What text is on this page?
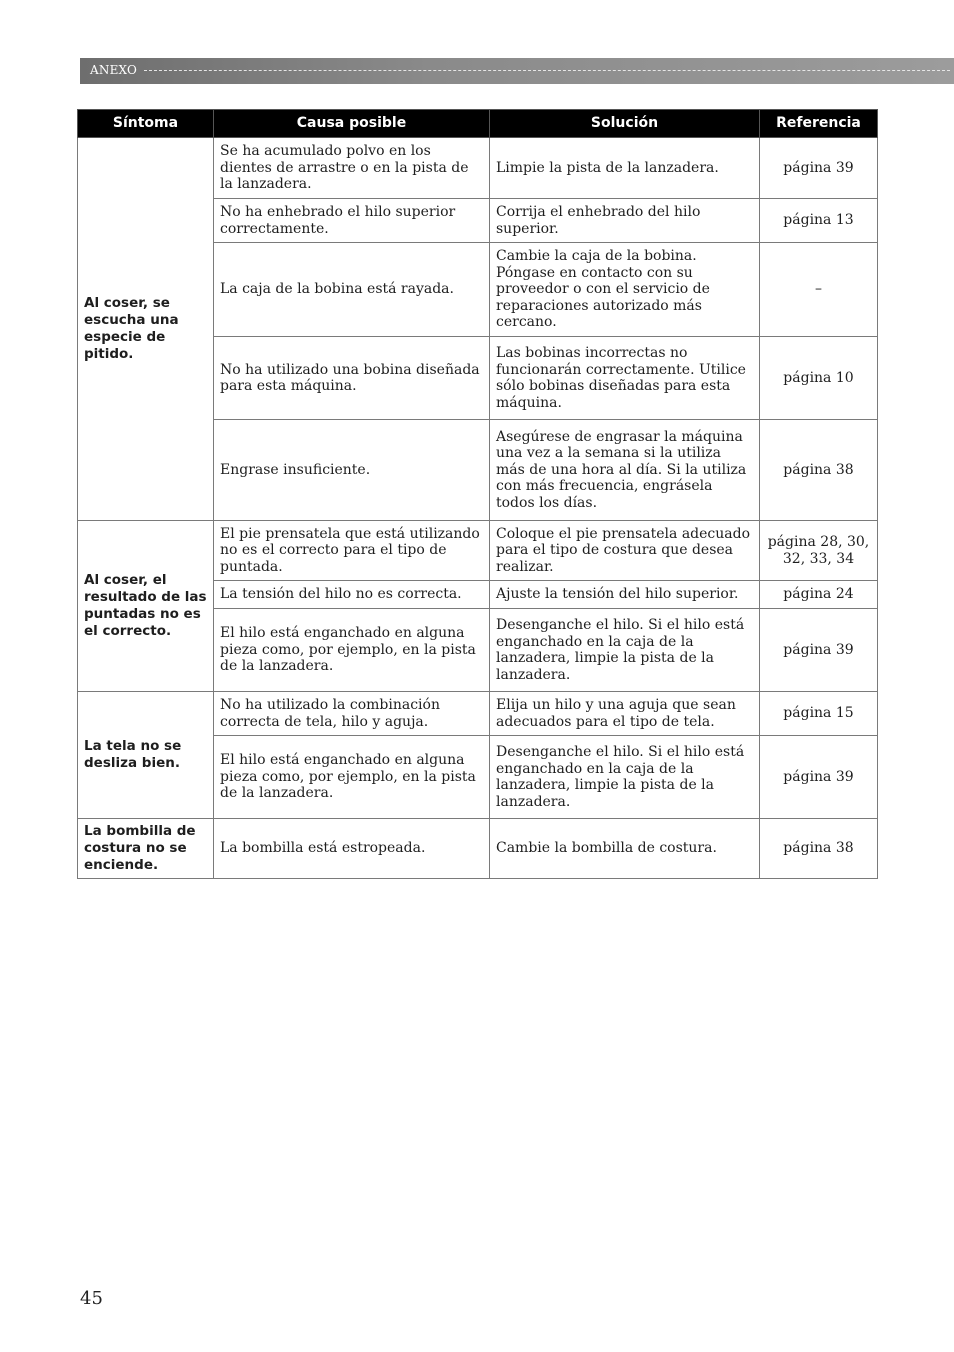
ANEXO
Síntoma	Causa posible	Solución	Referencia
Al coser, se escucha una especie de pitido.	Se ha acumulado polvo en los dientes de arrastre o en la pista de la lanzadera.	Limpie la pista de la lanzadera.	página 39
	No ha enhebrado el hilo superior correctamente.	Corrija el enhebrado del hilo superior.	página 13
	La caja de la bobina está rayada.	Cambie la caja de la bobina. Póngase en contacto con su proveedor o con el servicio de reparaciones autorizado más cercano.	–
	No ha utilizado una bobina diseñada para esta máquina.	Las bobinas incorrectas no funcionarán correctamente. Utilice sólo bobinas diseñadas para esta máquina.	página 10
	Engrase insuficiente.	Asegúrese de engrasar la máquina una vez a la semana si la utiliza más de una hora al día. Si la utiliza con más frecuencia, engrásela todos los días.	página 38
Al coser, el resultado de las puntadas no es el correcto.	El pie prensatela que está utilizando no es el correcto para el tipo de puntada.	Coloque el pie prensatela adecuado para el tipo de costura que desea realizar.	página 28, 30, 32, 33, 34
	La tensión del hilo no es correcta.	Ajuste la tensión del hilo superior.	página 24
	El hilo está enganchado en alguna pieza como, por ejemplo, en la pista de la lanzadera.	Desenganche el hilo. Si el hilo está enganchado en la caja de la lanzadera, limpie la pista de la lanzadera.	página 39
La tela no se desliza bien.	No ha utilizado la combinación correcta de tela, hilo y aguja.	Elija un hilo y una aguja que sean adecuados para el tipo de tela.	página 15
	El hilo está enganchado en alguna pieza como, por ejemplo, en la pista de la lanzadera.	Desenganche el hilo. Si el hilo está enganchado en la caja de la lanzadera, limpie la pista de la lanzadera.	página 39
La bombilla de costura no se enciende.	La bombilla está estropeada.	Cambie la bombilla de costura.	página 38
45
